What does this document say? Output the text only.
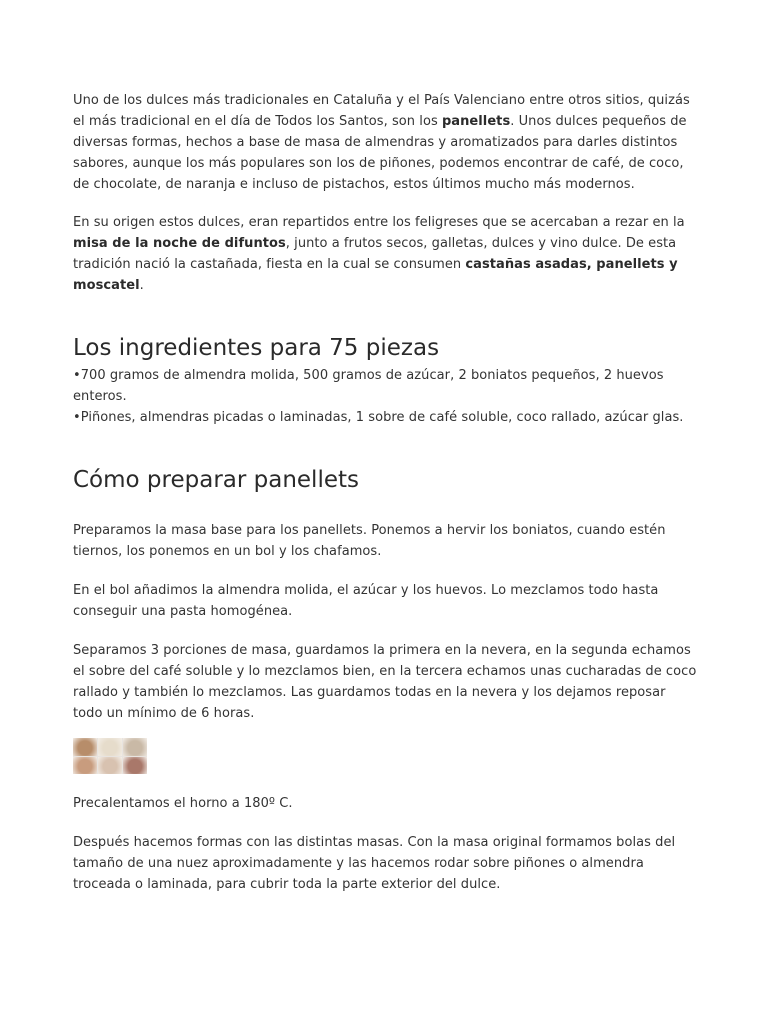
Uno de los dulces más tradicionales en Cataluña y el País Valenciano entre otros sitios, quizás el más tradicional en el día de Todos los Santos, son los panellets. Unos dulces pequeños de diversas formas, hechos a base de masa de almendras y aromatizados para darles distintos sabores, aunque los más populares son los de piñones, podemos encontrar de café, de coco, de chocolate, de naranja e incluso de pistachos, estos últimos mucho más modernos.

En su origen estos dulces, eran repartidos entre los feligreses que se acercaban a rezar en la misa de la noche de difuntos, junto a frutos secos, galletas, dulces y vino dulce. De esta tradición nació la castañada, fiesta en la cual se consumen castañas asadas, panellets y moscatel.

Los ingredientes para 75 piezas

•700 gramos de almendra molida, 500 gramos de azúcar, 2 boniatos pequeños, 2 huevos enteros.

•Piñones, almendras picadas o laminadas, 1 sobre de café soluble, coco rallado, azúcar glas.

Cómo preparar panellets

Preparamos la masa base para los panellets. Ponemos a hervir los boniatos, cuando estén tiernos, los ponemos en un bol y los chafamos.

En el bol añadimos la almendra molida, el azúcar y los huevos. Lo mezclamos todo hasta conseguir una pasta homogénea.

Separamos 3 porciones de masa, guardamos la primera en la nevera, en la segunda echamos el sobre del café soluble y lo mezclamos bien, en la tercera echamos unas cucharadas de coco rallado y también lo mezclamos. Las guardamos todas en la nevera y los dejamos reposar todo un mínimo de 6 horas.

Precalentamos el horno a 180º C.

Después hacemos formas con las distintas masas. Con la masa original formamos bolas del tamaño de una nuez aproximadamente y las hacemos rodar sobre piñones o almendra troceada o laminada, para cubrir toda la parte exterior del dulce.
